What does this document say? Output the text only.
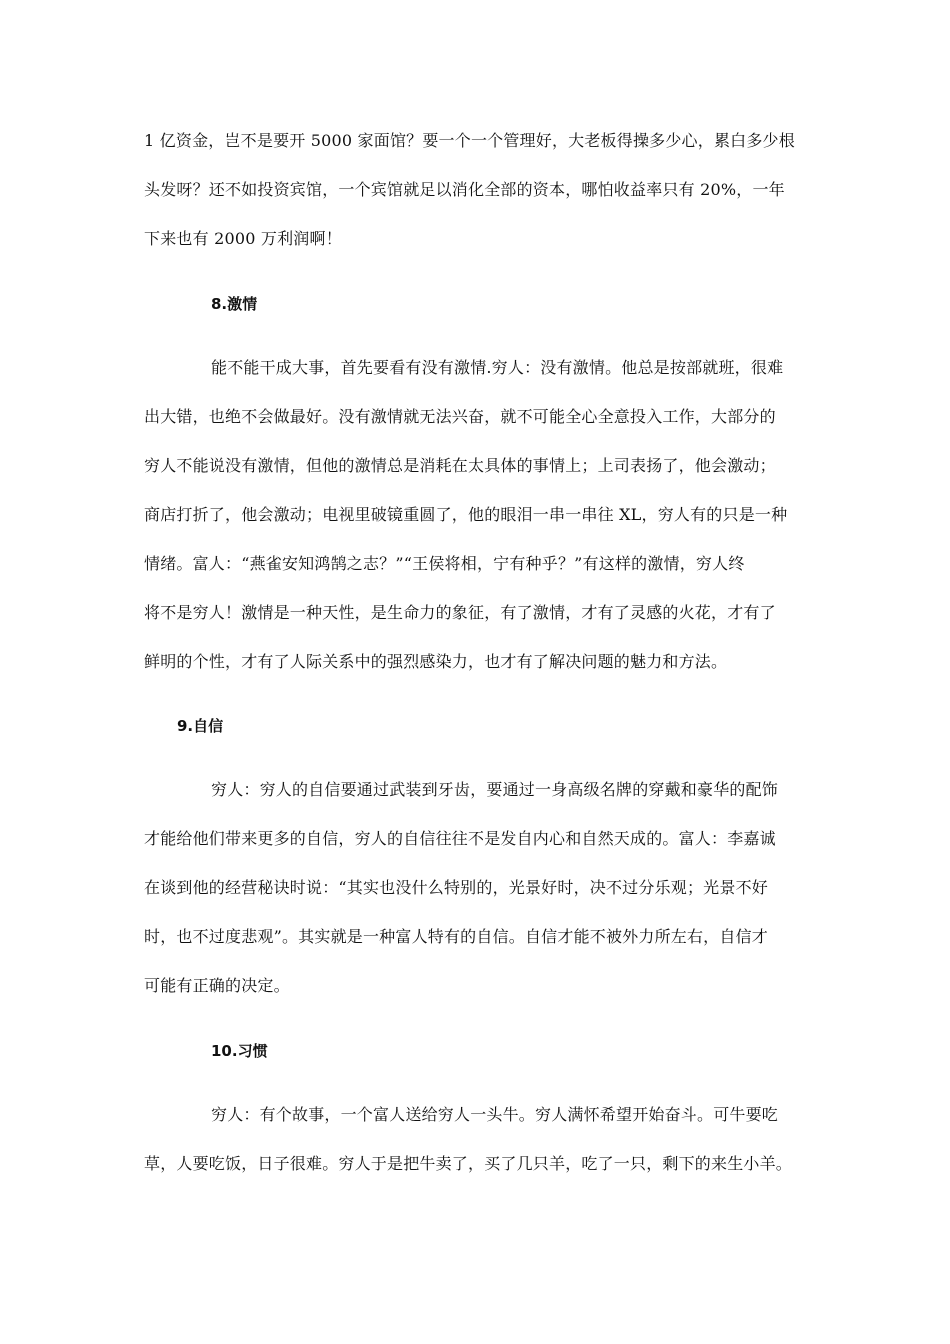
1 亿资金，岂不是要开 5000 家面馆？要一个一个管理好，大老板得操多少心，累白多少根
头发呀？还不如投资宾馆，一个宾馆就足以消化全部的资本，哪怕收益率只有 20%，一年
下来也有 2000 万利润啊！
8.激情
能不能干成大事，首先要看有没有激情.穷人：没有激情。他总是按部就班，很难
出大错，也绝不会做最好。没有激情就无法兴奋，就不可能全心全意投入工作，大部分的
穷人不能说没有激情，但他的激情总是消耗在太具体的事情上；上司表扬了，他会激动；
商店打折了，他会激动；电视里破镜重圆了，他的眼泪一串一串往 XL，穷人有的只是一种
情绪。富人：“燕雀安知鸿鹄之志？”“王侯将相，宁有种乎？”有这样的激情，穷人终
将不是穷人！激情是一种天性，是生命力的象征，有了激情，才有了灵感的火花，才有了
鲜明的个性，才有了人际关系中的强烈感染力，也才有了解决问题的魅力和方法。
9.自信
穷人：穷人的自信要通过武装到牙齿，要通过一身高级名牌的穿戴和豪华的配饰
才能给他们带来更多的自信，穷人的自信往往不是发自内心和自然天成的。富人：李嘉诚
在谈到他的经营秘诀时说：“其实也没什么特别的，光景好时，决不过分乐观；光景不好
时，也不过度悲观”。其实就是一种富人特有的自信。自信才能不被外力所左右，自信才
可能有正确的决定。
10.习惯
穷人：有个故事，一个富人送给穷人一头牛。穷人满怀希望开始奋斗。可牛要吃
草，人要吃饭，日子很难。穷人于是把牛卖了，买了几只羊，吃了一只，剩下的来生小羊。
